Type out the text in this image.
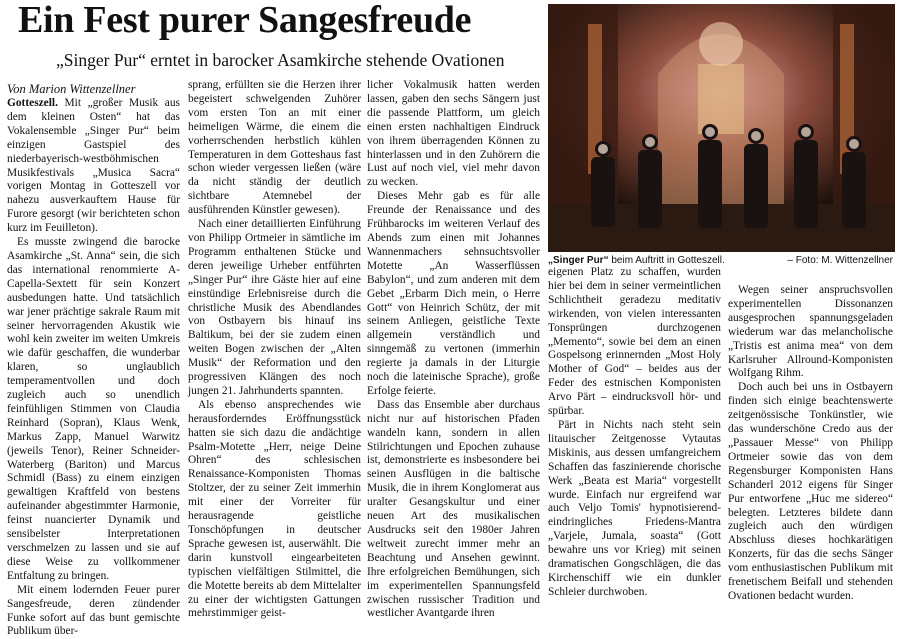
Ein Fest purer Sangesfreude
„Singer Pur“ erntet in barocker Asamkirche stehende Ovationen
Von Marion Wittenzellner

Gotteszell. Mit „großer Musik aus dem kleinen Osten“ hat das Vokalensemble „Singer Pur“ beim einzigen Gastspiel des niederbayerisch-westböhmischen Musikfestivals „Musica Sacra“ vorigen Montag in Gotteszell vor nahezu ausverkauftem Hause für Furore gesorgt (wir berichteten schon kurz im Feuilleton).

Es musste zwingend die barocke Asamkirche „St. Anna“ sein, die sich das international renommierte A-Capella-Sextett für sein Konzert ausbedungen hatte. Und tatsächlich war jener prächtige sakrale Raum mit seiner hervorragenden Akustik wie wohl kein zweiter im weiten Umkreis wie dafür geschaffen, die wunderbar klaren, so unglaublich temperamentvollen und doch zugleich auch so unendlich feinfühligen Stimmen von Claudia Reinhard (Sopran), Klaus Wenk, Markus Zapp, Manuel Warwitz (jeweils Tenor), Reiner Schneider-Waterberg (Bariton) und Marcus Schmidl (Bass) zu einem einzigen gewaltigen Kraftfeld von bestens aufeinander abgestimmter Harmonie, feinst nuancierter Dynamik und sensibelster Interpretationen verschmelzen zu lassen und sie auf diese Weise zu vollkommener Entfaltung zu bringen.

Mit einem lodernden Feuer purer Sangesfreude, deren zündender Funke sofort auf das bunt gemischte Publikum über-

sprang, erfüllten sie die Herzen ihrer begeistert schwelgenden Zuhörer vom ersten Ton an mit einer heimeligen Wärme, die einem die vorherrschenden herbstlich kühlen Temperaturen in dem Gotteshaus fast schon wieder vergessen ließen (wäre da nicht ständig der deutlich sichtbare Atemnebel der ausführenden Künstler gewesen).

Nach einer detaillierten Einführung von Philipp Ortmeier in sämtliche im Programm enthaltenen Stücke und deren jeweilige Urheber entführten „Singer Pur“ ihre Gäste hier auf eine einstündige Erlebnisreise durch die christliche Musik des Abendlandes von Ostbayern bis hinauf ins Baltikum, bei der sie zudem einen weiten Bogen zwischen der „Alten Musik“ der Reformation und den progressiven Klängen des noch jungen 21. Jahrhunderts spannten.

Als ebenso ansprechendes wie herausforderndes Eröffnungsstück hatten sie sich dazu die andächtige Psalm-Motette „Herr, neige Deine Ohren“ des schlesischen Renaissance-Komponisten Thomas Stoltzer, der zu seiner Zeit immerhin mit einer der Vorreiter für herausragende geistliche Tonschöpfungen in deutscher Sprache gewesen ist, auserwählt. Die darin kunstvoll eingearbeiteten typischen vielfältigen Stilmittel, die die Motette bereits ab dem Mittelalter zu einer der wichtigsten Gattungen mehrstimmiger geist-

licher Vokalmusik hatten werden lassen, gaben den sechs Sängern just die passende Plattform, um gleich einen ersten nachhaltigen Eindruck von ihrem überragenden Können zu hinterlassen und in den Zuhörern die Lust auf noch viel, viel mehr davon zu wecken.

Dieses Mehr gab es für alle Freunde der Renaissance und des Frühbarocks im weiteren Verlauf des Abends zum einen mit Johannes Wannenmachers sehnsuchtsvoller Motette „An Wasserflüssen Babylon“, und zum anderen mit dem Gebet „Erbarm Dich mein, o Herre Gott“ von Heinrich Schütz, der mit seinem Anliegen, geistliche Texte allgemein verständlich und sinngemäß zu vertonen (immerhin regierte ja damals in der Liturgie noch die lateinische Sprache), große Erfolge feierte.

Dass das Ensemble aber durchaus nicht nur auf historischen Pfaden wandeln kann, sondern in allen Stilrichtungen und Epochen zuhause ist, demonstrierte es insbesondere bei seinen Ausflügen in die baltische Musik, die in ihrem Konglomerat aus uralter Gesangskultur und einer neuen Art des musikalischen Ausdrucks seit den 1980er Jahren weltweit zurecht immer mehr an Beachtung und Ansehen gewinnt. Ihre erfolgreichen Bemühungen, sich im experimentellen Spannungsfeld zwischen russischer Tradition und westlicher Avantgarde ihren

„Singer Pur“ beim Auftritt in Gotteszell.	– Foto: M. Wittenzellner

eigenen Platz zu schaffen, wurden hier bei dem in seiner vermeintlichen Schlichtheit geradezu meditativ wirkenden, von vielen interessanten Tonsprüngen durchzogenen „Memento“, sowie bei dem an einen Gospelsong erinnernden „Most Holy Mother of God“ – beides aus der Feder des estnischen Komponisten Arvo Pärt – eindrucksvoll hör- und spürbar.

Pärt in Nichts nach steht sein litauischer Zeitgenosse Vytautas Miskinis, aus dessen umfangreichem Schaffen das faszinierende chorische Werk „Beata est Maria“ vorgestellt wurde. Einfach nur ergreifend war auch Veljo Tomis' hypnotisierend-eindringliches Friedens-Mantra „Varjele, Jumala, soasta“ (Gott bewahre uns vor Krieg) mit seinen dramatischen Gongschlägen, die das Kirchenschiff wie ein dunkler Schleier durchwoben.

Wegen seiner anspruchsvollen experimentellen Dissonanzen ausgesprochen spannungsgeladen wiederum war das melancholische „Tristis est anima mea“ von dem Karlsruher Allround-Komponisten Wolfgang Rihm.

Doch auch bei uns in Ostbayern finden sich einige beachtenswerte zeitgenössische Tonkünstler, wie das wunderschöne Credo aus der „Passauer Messe“ von Philipp Ortmeier sowie das von dem Regensburger Komponisten Hans Schanderl 2012 eigens für Singer Pur entworfene „Huc me sidereo“ belegten. Letzteres bildete dann zugleich auch den würdigen Abschluss dieses hochkarätigen Konzerts, für das die sechs Sänger vom enthusiastischen Publikum mit frenetischem Beifall und stehenden Ovationen bedacht wurden.
